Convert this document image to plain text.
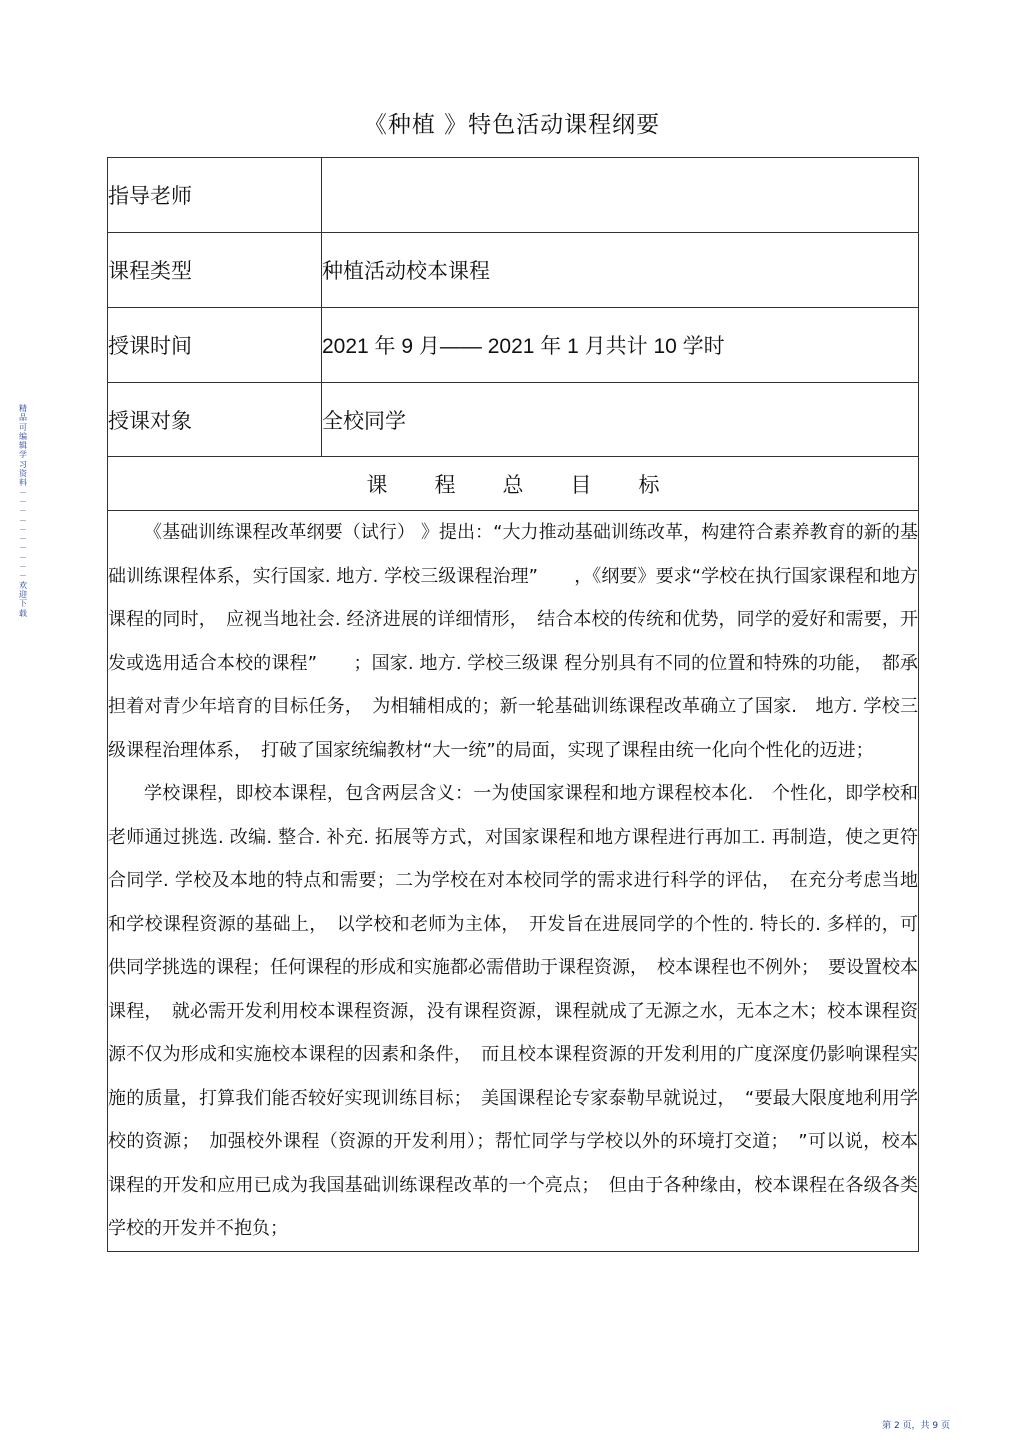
精品可编辑学习资料－－－－－－－－－－欢迎下载
《种植 》特色活动课程纲要
指导老师	
课程类型	种植活动校本课程
授课时间	2021 年 9 月—— 2021 年 1 月共计 10 学时
授课对象	全校同学
课程总目标	

《基础训练课程改革纲要（试行） 》提出：“大力推动基础训练改革，构建符合素养教育的新的基础训练课程体系，实行国家. 地方. 学校三级课程治理”　　，《纲要》要求“学校在执行国家课程和地方课程的同时，　应视当地社会. 经济进展的详细情形，　结合本校的传统和优势，同学的爱好和需要，开发或选用适合本校的课程”　　；国家. 地方. 学校三级课 程分别具有不同的位置和特殊的功能，　都承担着对青少年培育的目标任务，　为相辅相成的；新一轮基础训练课程改革确立了国家.　地方. 学校三级课程治理体系，　打破了国家统编教材“大一统”的局面，实现了课程由统一化向个性化的迈进；

学校课程，即校本课程，包含两层含义：一为使国家课程和地方课程校本化.　个性化，即学校和老师通过挑选. 改编. 整合. 补充. 拓展等方式，对国家课程和地方课程进行再加工. 再制造，使之更符合同学. 学校及本地的特点和需要；二为学校在对本校同学的需求进行科学的评估，　在充分考虑当地和学校课程资源的基础上，　以学校和老师为主体，　开发旨在进展同学的个性的. 特长的. 多样的，可供同学挑选的课程；任何课程的形成和实施都必需借助于课程资源，　校本课程也不例外；　要设置校本课程，　就必需开发利用校本课程资源，没有课程资源，课程就成了无源之水，无本之木；校本课程资源不仅为形成和实施校本课程的因素和条件，　而且校本课程资源的开发利用的广度深度仍影响课程实施的质量，打算我们能否较好实现训练目标；　美国课程论专家泰勒早就说过，　“要最大限度地利用学校的资源；　加强校外课程（资源的开发利用）；帮忙同学与学校以外的环境打交道；　”可以说，校本课程的开发和应用已成为我国基础训练课程改革的一个亮点；　但由于各种缘由，校本课程在各级各类学校的开发并不抱负；	

第 2 页，共 9 页
